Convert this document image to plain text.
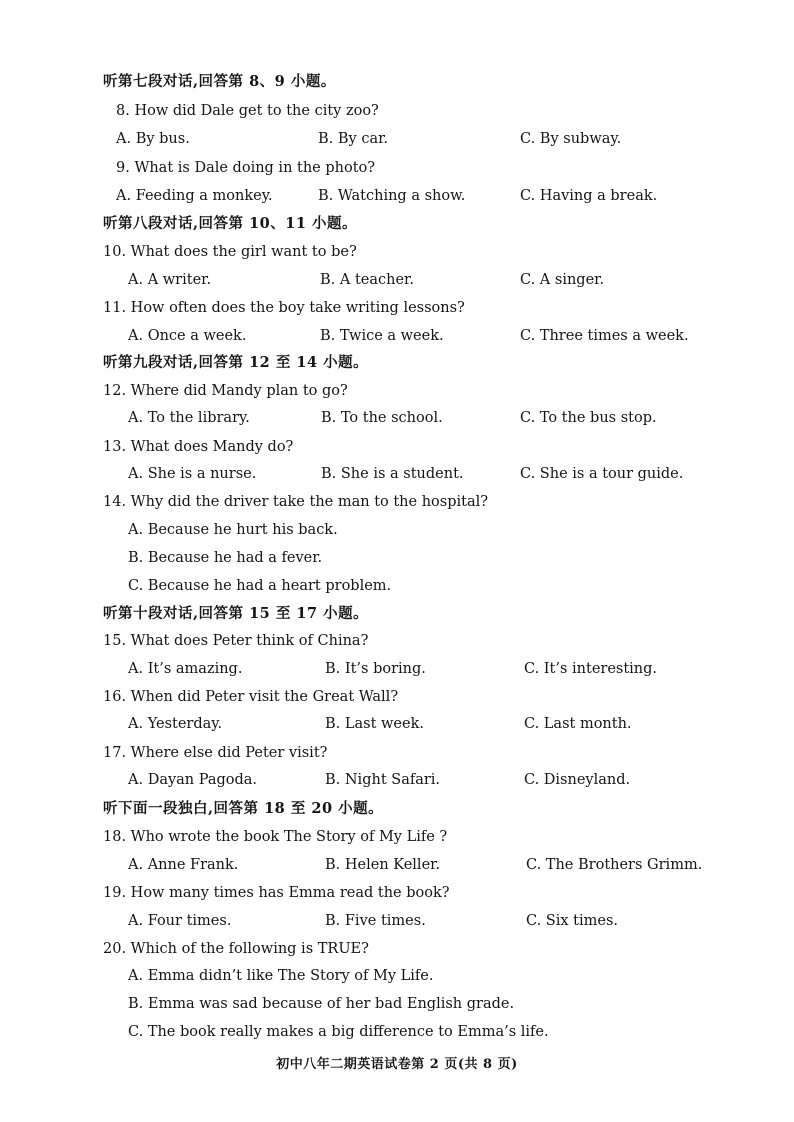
听第七段对话,回答第 8、9 小题。
8. How did Dale get to the city zoo?
A. By bus.	B. By car.	C. By subway.
9. What is Dale doing in the photo?
A. Feeding a monkey.	B. Watching a show.	C. Having a break.
听第八段对话,回答第 10、11 小题。
10. What does the girl want to be?
A. A writer.	B. A teacher.	C. A singer.
11. How often does the boy take writing lessons?
A. Once a week.	B. Twice a week.	C. Three times a week.
听第九段对话,回答第 12 至 14 小题。
12. Where did Mandy plan to go?
A. To the library.	B. To the school.	C. To the bus stop.
13. What does Mandy do?
A. She is a nurse.	B. She is a student.	C. She is a tour guide.
14. Why did the driver take the man to the hospital?
A. Because he hurt his back.
B. Because he had a fever.
C. Because he had a heart problem.
听第十段对话,回答第 15 至 17 小题。
15. What does Peter think of China?
A. It’s amazing.	B. It’s boring.	C. It’s interesting.
16. When did Peter visit the Great Wall?
A. Yesterday.	B. Last week.	C. Last month.
17. Where else did Peter visit?
A. Dayan Pagoda.	B. Night Safari.	C. Disneyland.
听下面一段独白,回答第 18 至 20 小题。
18. Who wrote the book The Story of My Life ?
A. Anne Frank.	B. Helen Keller.	C. The Brothers Grimm.
19. How many times has Emma read the book?
A. Four times.	B. Five times.	C. Six times.
20. Which of the following is TRUE?
A. Emma didn’t like The Story of My Life.
B. Emma was sad because of her bad English grade.
C. The book really makes a big difference to Emma’s life.
初中八年二期英语试卷第 2 页(共 8 页)
